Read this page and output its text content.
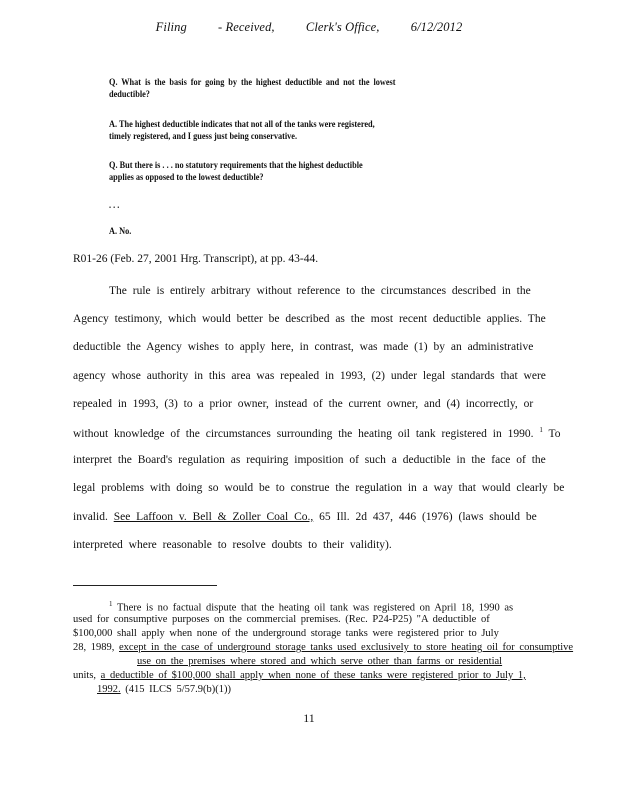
Filing - Received, Clerk's Office, 6/12/2012
Q. What is the basis for going by the highest deductible and not the lowest
deductible?
A. The highest deductible indicates that not all of the tanks were registered,
timely registered, and I guess just being conservative.
Q. But there is . . . no statutory requirements that the highest deductible
applies as opposed to the lowest deductible?
. . .
A. No.
R01-26 (Feb. 27, 2001 Hrg. Transcript), at pp. 43-44.
The rule is entirely arbitrary without reference to the circumstances described in the
Agency testimony, which would better be described as the most recent deductible applies. The
deductible the Agency wishes to apply here, in contrast, was made (1) by an administrative
agency whose authority in this area was repealed in 1993, (2) under legal standards that were
repealed in 1993, (3) to a prior owner, instead of the current owner, and (4) incorrectly, or
without knowledge of the circumstances surrounding the heating oil tank registered in 1990. $^1$ To
interpret the Board's regulation as requiring imposition of such a deductible in the face of the
legal problems with doing so would be to construe the regulation in a way that would clearly be
invalid. See Laffoon v. Bell & Zoller Coal Co., 65 Ill. 2d 437, 446 (1976) (laws should be
interpreted where reasonable to resolve doubts to their validity).
$^1$ There is no factual dispute that the heating oil tank was registered on April 18, 1990 as
used for consumptive purposes on the commercial premises. (Rec. P24-P25) "A deductible of
$100,000 shall apply when none of the underground storage tanks were registered prior to July
28, 1989, except in the case of underground storage tanks used exclusively to store heating oil for consumptive
use on the premises where stored and which serve other than farms or residential
units, a deductible of $100,000 shall apply when none of these tanks were registered prior to July 1,
1992. (415 ILCS 5/57.9(b)(1))
11
